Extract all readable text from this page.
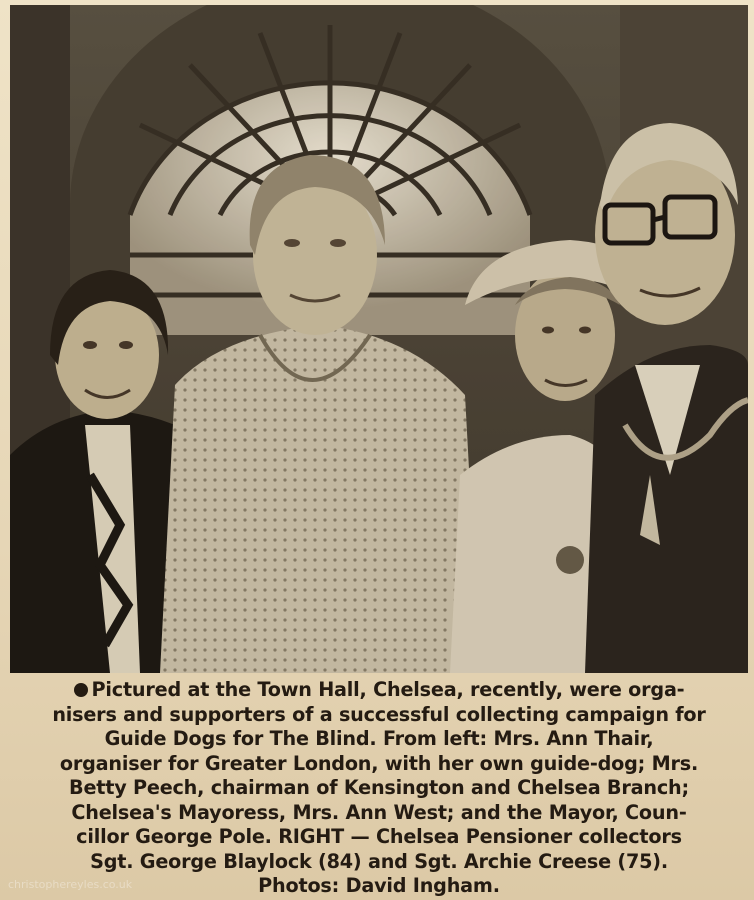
Pictured at the Town Hall, Chelsea, recently, were orga-
nisers and supporters of a successful collecting campaign for
Guide Dogs for The Blind. From left: Mrs. Ann Thair,
organiser for Greater London, with her own guide-dog; Mrs.
Betty Peech, chairman of Kensington and Chelsea Branch;
Chelsea's Mayoress, Mrs. Ann West; and the Mayor, Coun-
cillor George Pole. RIGHT — Chelsea Pensioner collectors
Sgt. George Blaylock (84) and Sgt. Archie Creese (75).
Photos: David Ingham.
christophereyles.co.uk
